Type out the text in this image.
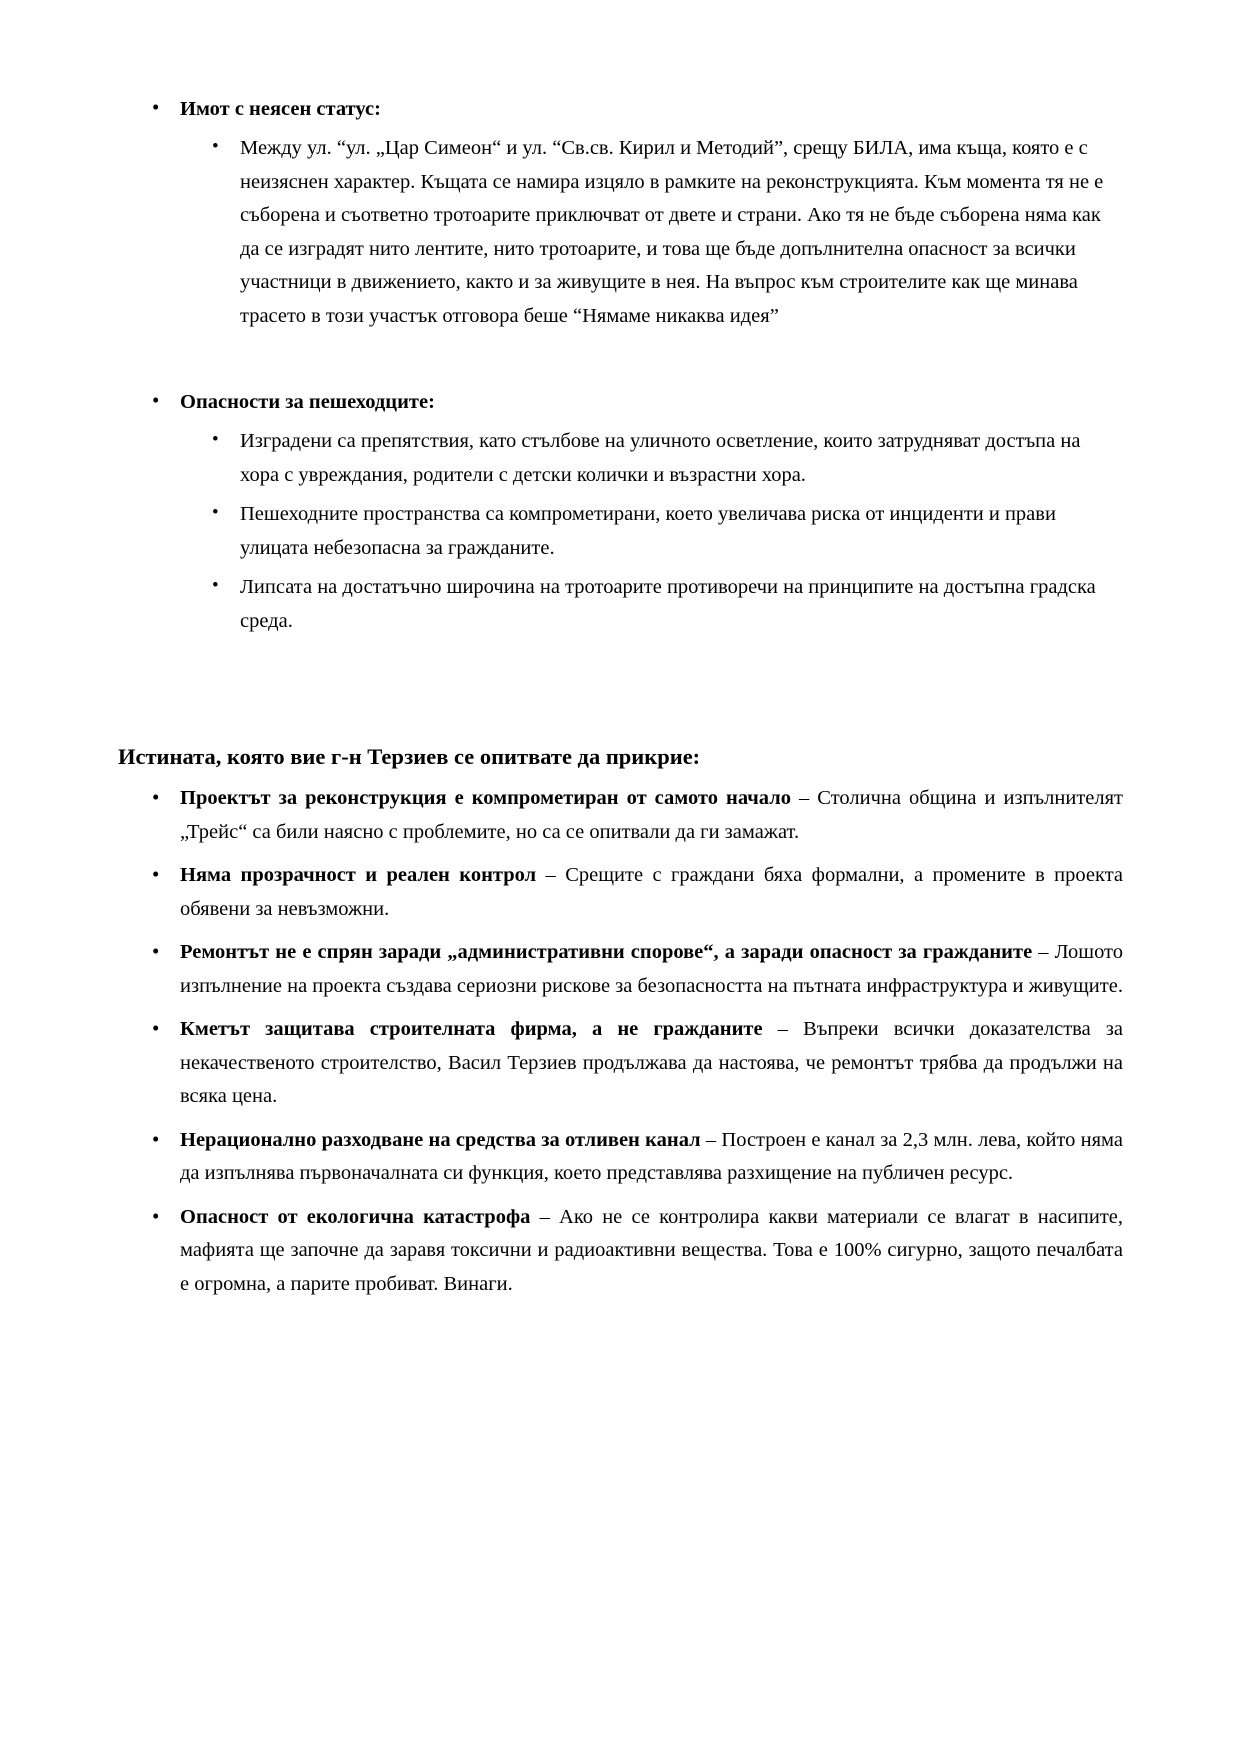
• Имот с неясен статус:
• Между ул. “ул. „Цар Симеон“ и ул. “Св.св. Кирил и Методий”, срещу БИЛА, има къща, която е с неизяснен характер. Къщата се намира изцяло в рамките на реконструкцията. Към момента тя не е съборена и съответно тротоарите приключват от двете и страни. Ако тя не бъде съборена няма как да се изградят нито лентите, нито тротоарите, и това ще бъде допълнителна опасност за всички участници в движението, както и за живущите в нея. На въпрос към строителите как ще минава трасето в този участък отговора беше “Нямаме никаква идея”
• Опасности за пешеходците:
• Изградени са препятствия, като стълбове на уличното осветление, които затрудняват достъпа на хора с увреждания, родители с детски колички и възрастни хора.
• Пешеходните пространства са компрометирани, което увеличава риска от инциденти и прави улицата небезопасна за гражданите.
• Липсата на достатъчно широчина на тротоарите противоречи на принципите на достъпна градска среда.
Истината, която вие г-н Терзиев се опитвате да прикрие:
• Проектът за реконструкция е компрометиран от самото начало – Столична община и изпълнителят „Трейс“ са били наясно с проблемите, но са се опитвали да ги замажат.
• Няма прозрачност и реален контрол – Срещите с граждани бяха формални, а промените в проекта обявени за невъзможни.
• Ремонтът не е спрян заради „административни спорове“, а заради опасност за гражданите – Лошото изпълнение на проекта създава сериозни рискове за безопасността на пътната инфраструктура и живущите.
• Кметът защитава строителната фирма, а не гражданите – Въпреки всички доказателства за некачественото строителство, Васил Терзиев продължава да настоява, че ремонтът трябва да продължи на всяка цена.
• Нерационално разходване на средства за отливен канал – Построен е канал за 2,3 млн. лева, който няма да изпълнява първоначалната си функция, което представлява разхищение на публичен ресурс.
• Опасност от екологична катастрофа – Ако не се контролира какви материали се влагат в насипите, мафията ще започне да заравя токсични и радиоактивни вещества. Това е 100% сигурно, защото печалбата е огромна, а парите пробиват. Винаги.
